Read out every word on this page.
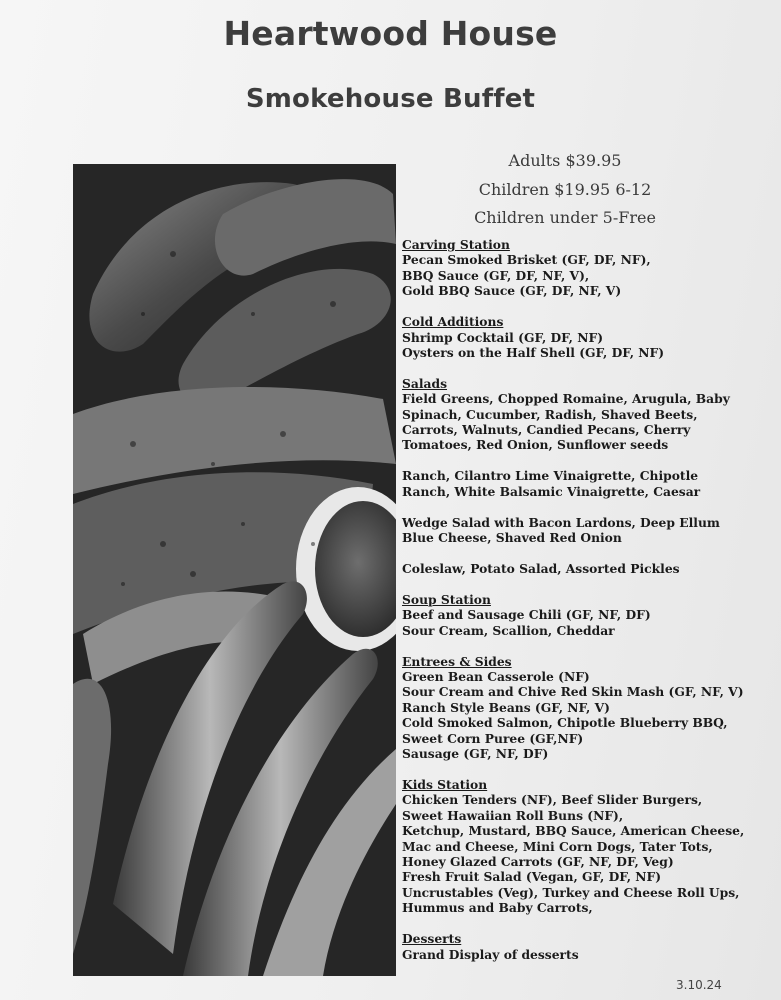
Heartwood House
Smokehouse Buffet
Adults $39.95
Children $19.95 6-12
Children under 5-Free
Carving Station
Pecan Smoked Brisket (GF, DF, NF),
BBQ Sauce (GF, DF, NF, V),
Gold BBQ Sauce (GF, DF, NF, V)
Cold Additions
Shrimp Cocktail (GF, DF, NF)
Oysters on the Half Shell (GF, DF, NF)
Salads
Field Greens, Chopped Romaine, Arugula, Baby
Spinach, Cucumber, Radish, Shaved Beets,
Carrots, Walnuts, Candied Pecans, Cherry
Tomatoes, Red Onion, Sunflower seeds
Ranch, Cilantro Lime Vinaigrette, Chipotle
Ranch, White Balsamic Vinaigrette, Caesar
Wedge Salad with Bacon Lardons, Deep Ellum
Blue Cheese, Shaved Red Onion
Coleslaw, Potato Salad, Assorted Pickles
Soup Station
Beef and Sausage Chili (GF, NF, DF)
Sour Cream, Scallion, Cheddar
Entrees & Sides
Green Bean Casserole (NF)
Sour Cream and Chive Red Skin Mash (GF, NF, V)
Ranch Style Beans (GF, NF, V)
Cold Smoked Salmon, Chipotle Blueberry BBQ,
Sweet Corn Puree (GF,NF)
Sausage (GF, NF, DF)
Kids Station
Chicken Tenders (NF), Beef Slider Burgers,
Sweet Hawaiian Roll Buns (NF),
Ketchup, Mustard, BBQ Sauce, American Cheese,
Mac and Cheese, Mini Corn Dogs, Tater Tots,
Honey Glazed Carrots (GF, NF, DF, Veg)
Fresh Fruit Salad (Vegan, GF, DF, NF)
Uncrustables (Veg), Turkey and Cheese Roll Ups,
Hummus and Baby Carrots,
Desserts
Grand Display of desserts
3.10.24
